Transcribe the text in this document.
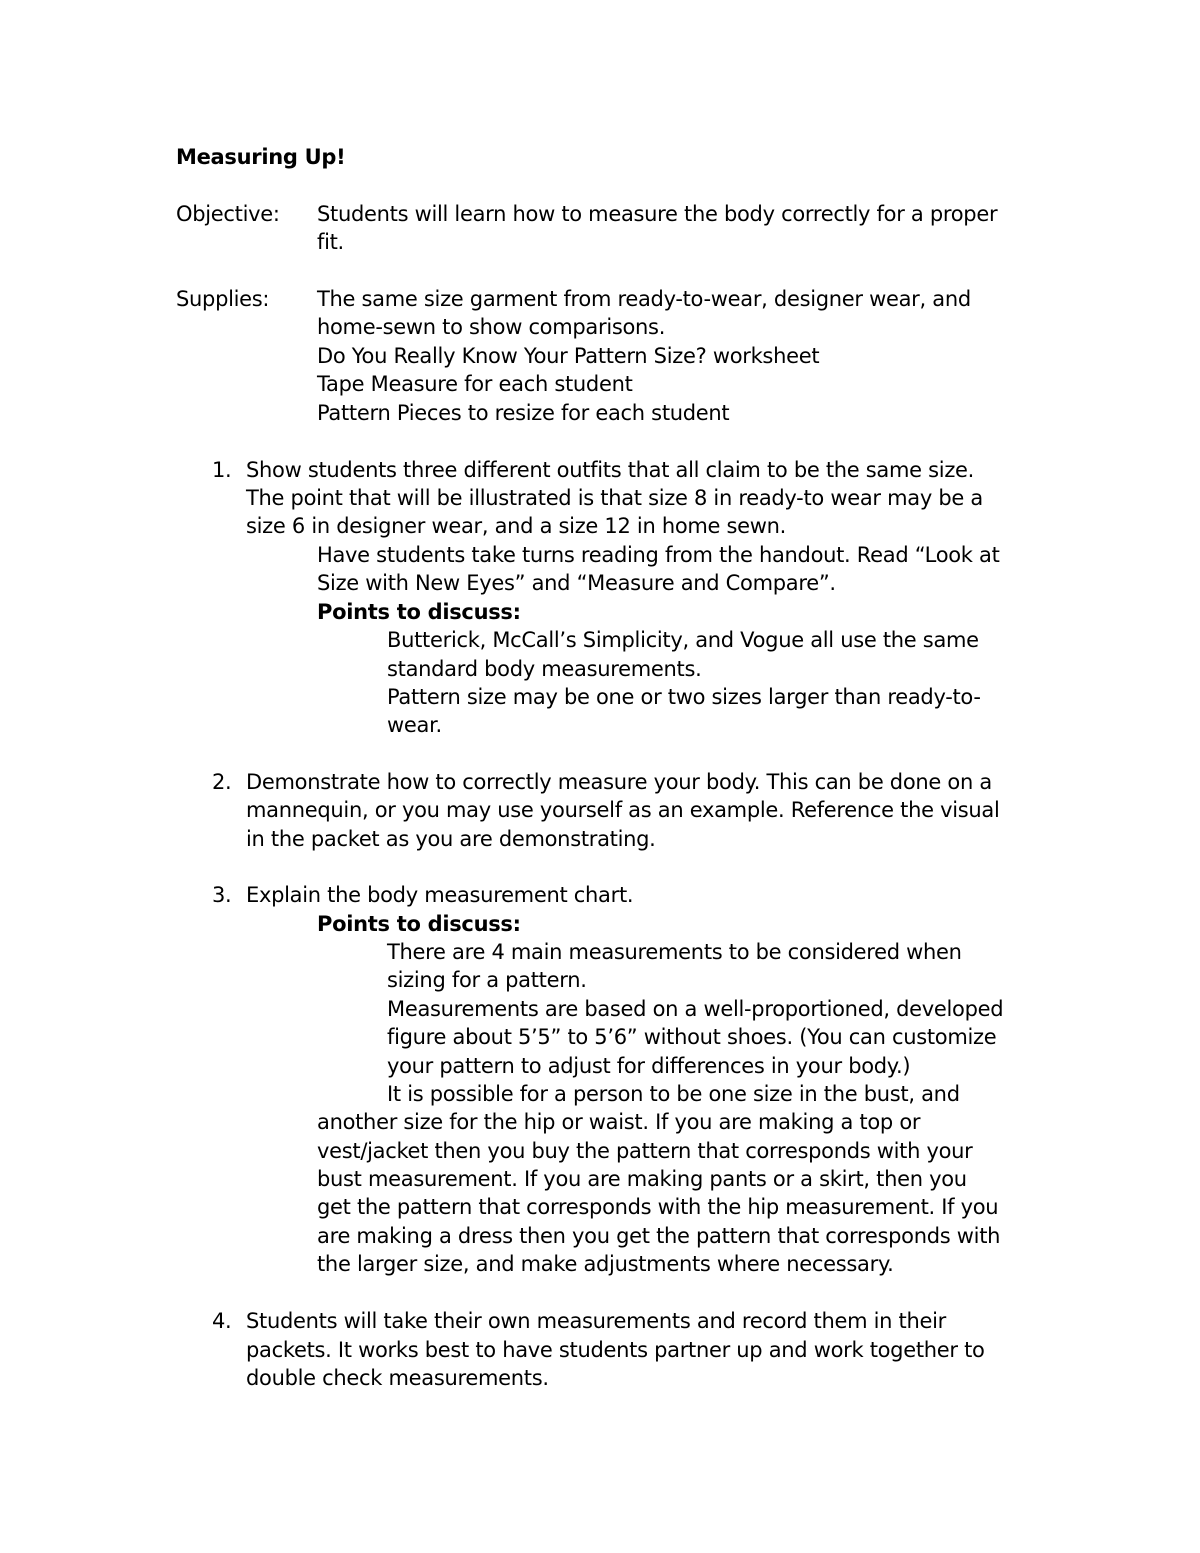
Measuring Up!
Objective: Students will learn how to measure the body correctly for a proper
fit.
Supplies: The same size garment from ready-to-wear, designer wear, and
home-sewn to show comparisons.
Do You Really Know Your Pattern Size? worksheet
Tape Measure for each student
Pattern Pieces to resize for each student
1. Show students three different outfits that all claim to be the same size.
The point that will be illustrated is that size 8 in ready-to wear may be a
size 6 in designer wear, and a size 12 in home sewn.
Have students take turns reading from the handout. Read “Look at
Size with New Eyes” and “Measure and Compare”.
Points to discuss:
Butterick, McCall’s Simplicity, and Vogue all use the same
standard body measurements.
Pattern size may be one or two sizes larger than ready-to-
wear.
2. Demonstrate how to correctly measure your body. This can be done on a
mannequin, or you may use yourself as an example. Reference the visual
in the packet as you are demonstrating.
3. Explain the body measurement chart.
Points to discuss:
There are 4 main measurements to be considered when
sizing for a pattern.
Measurements are based on a well-proportioned, developed
figure about 5’5” to 5’6” without shoes. (You can customize
your pattern to adjust for differences in your body.)
It is possible for a person to be one size in the bust, and
another size for the hip or waist. If you are making a top or
vest/jacket then you buy the pattern that corresponds with your
bust measurement. If you are making pants or a skirt, then you
get the pattern that corresponds with the hip measurement. If you
are making a dress then you get the pattern that corresponds with
the larger size, and make adjustments where necessary.
4. Students will take their own measurements and record them in their
packets. It works best to have students partner up and work together to
double check measurements.
